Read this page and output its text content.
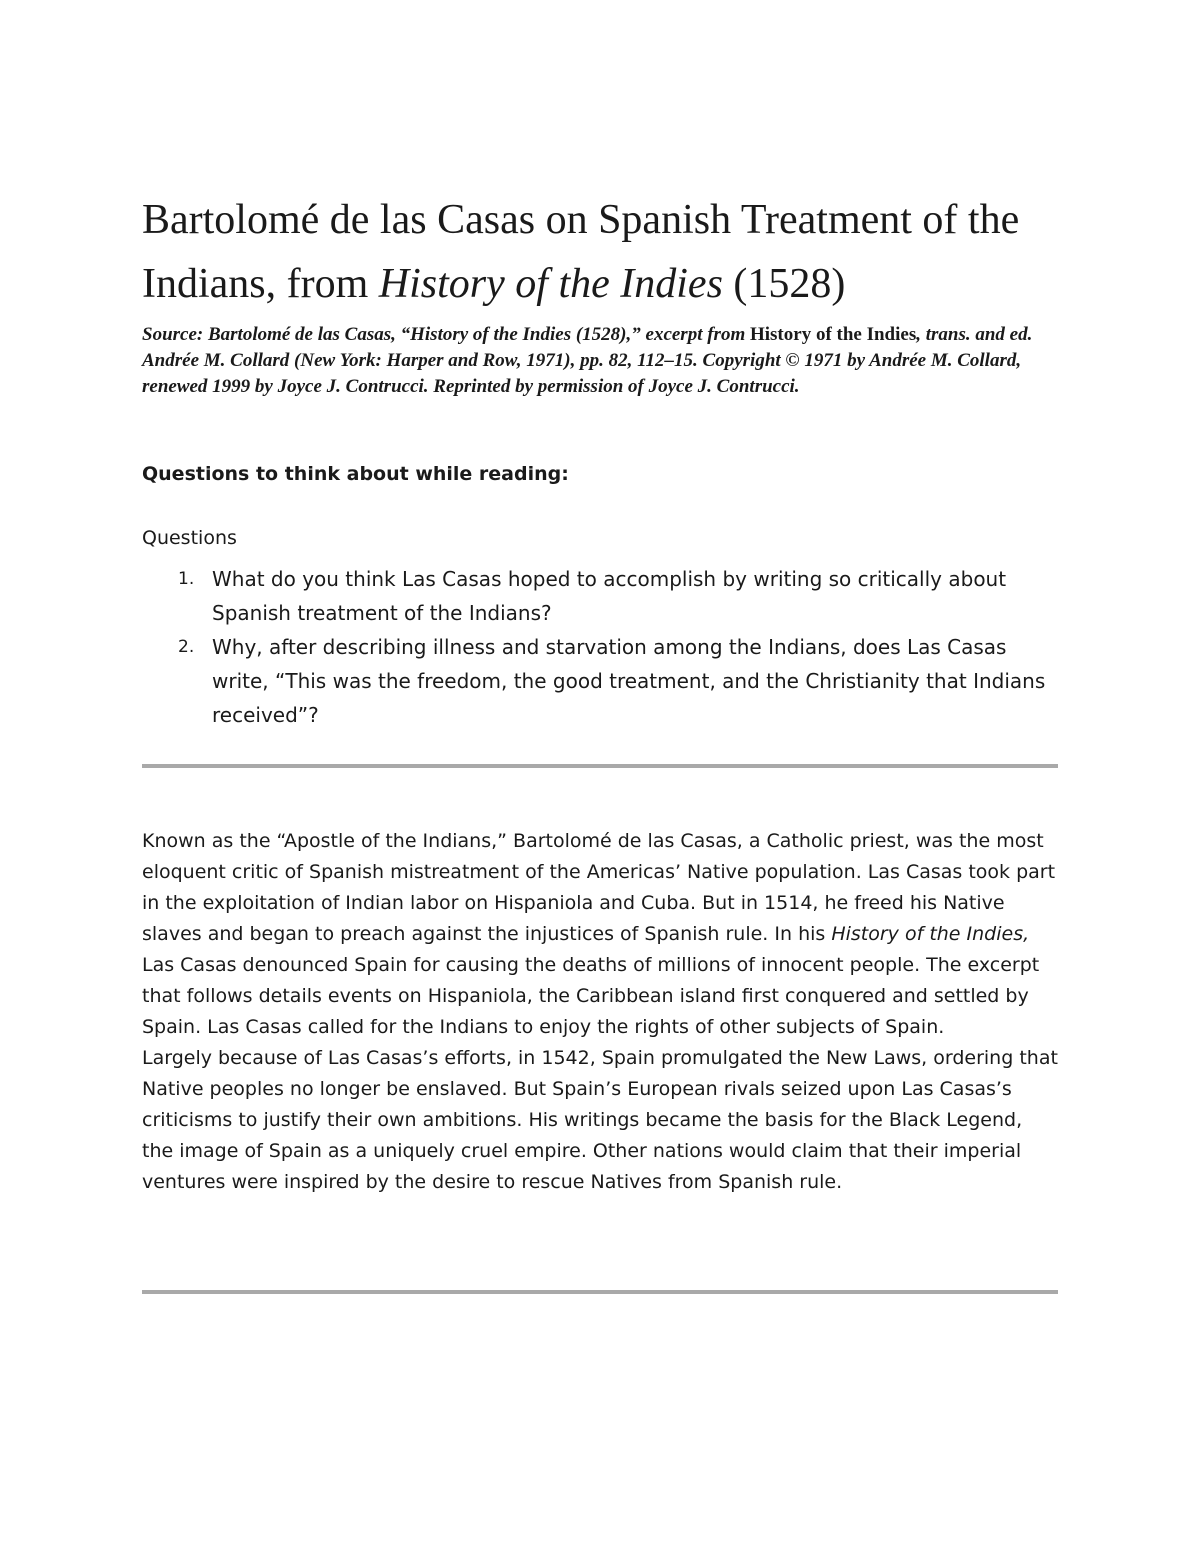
Bartolomé de las Casas on Spanish Treatment of the Indians, from History of the Indies (1528)

Source: Bartolomé de las Casas, “History of the Indies (1528),” excerpt from History of the Indies, trans. and ed. Andrée M. Collard (New York: Harper and Row, 1971), pp. 82, 112–15. Copyright © 1971 by Andrée M. Collard, renewed 1999 by Joyce J. Contrucci. Reprinted by permission of Joyce J. Contrucci.

Questions to think about while reading:

Questions

1. What do you think Las Casas hoped to accomplish by writing so critically about Spanish treatment of the Indians?
2. Why, after describing illness and starvation among the Indians, does Las Casas write, “This was the freedom, the good treatment, and the Christianity that Indians received”?

Known as the “Apostle of the Indians,” Bartolomé de las Casas, a Catholic priest, was the most eloquent critic of Spanish mistreatment of the Americas’ Native population. Las Casas took part in the exploitation of Indian labor on Hispaniola and Cuba. But in 1514, he freed his Native slaves and began to preach against the injustices of Spanish rule. In his History of the Indies, Las Casas denounced Spain for causing the deaths of millions of innocent people. The excerpt that follows details events on Hispaniola, the Caribbean island first conquered and settled by Spain. Las Casas called for the Indians to enjoy the rights of other subjects of Spain.

Largely because of Las Casas’s efforts, in 1542, Spain promulgated the New Laws, ordering that Native peoples no longer be enslaved. But Spain’s European rivals seized upon Las Casas’s criticisms to justify their own ambitions. His writings became the basis for the Black Legend, the image of Spain as a uniquely cruel empire. Other nations would claim that their imperial ventures were inspired by the desire to rescue Natives from Spanish rule.
